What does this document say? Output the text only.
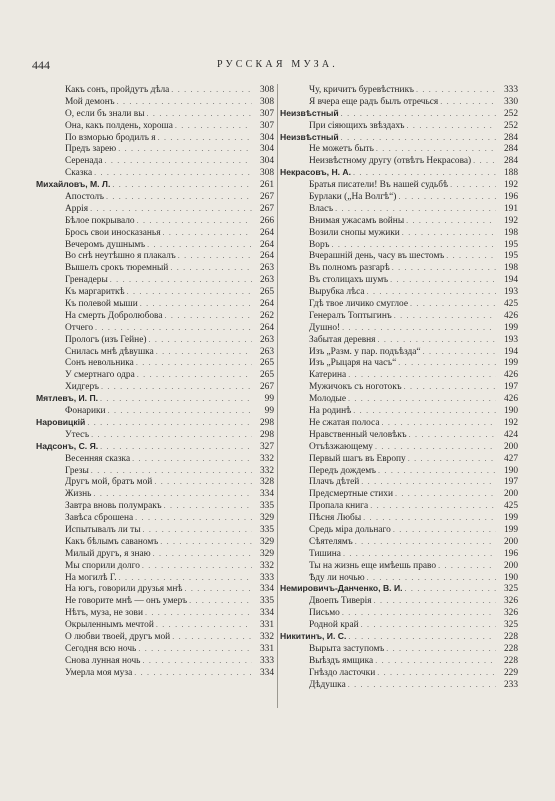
444	РУССКАЯ МУЗА.
Какъ сонъ, пройдутъ дѣла . . .	308
Мой демонъ . . .	308
О, если бъ знали вы . . .	307
Она, какъ полдень, хороша . . .	307
По взморью бродилъ я . . .	304
Предъ зарею . . .	304
Серенада . . .	304
Сказка . . .	308
Михайловъ, М. Л. . . .	261
Апостолъ . . .	267
Аррія . . .	267
Бѣлое покрывало . . .	266
Брось свои иносказанья . . .	264
Вечеромъ душнымъ . . .	264
Во снѣ неутѣшно я плакалъ . . .	264
Вышелъ срокъ тюремный . . .	263
Гренадеры . . .	263
Къ маргариткѣ . . .	265
Къ полевой мыши . . .	264
На смерть Добролюбова . . .	262
Отчего . . .	264
Прологъ (изъ Гейне) . . .	263
Снилась мнѣ дѣвушка . . .	263
Сонъ невольника . . .	265
У смертнаго одра . . .	265
Хидгеръ . . .	267
Мятлевъ, И. П. . . .	99
Фонарики . . .	99
Наровицкій . . .	298
Утесъ . . .	298
Надсонъ, С. Я. . . .	327
Весенняя сказка . . .	332
Грезы . . .	332
Другъ мой, братъ мой . . .	328
Жизнь . . .	334
Завтра вновь полумракъ . . .	335
Завѣса сброшена . . .	329
Испытывалъ ли ты . . .	335
Какъ бѣлымъ саваномъ . . .	329
Милый другъ, я знаю . . .	329
Мы спорили долго . . .	332
На могилѣ Г. . . .	333
На югъ, говорили друзья мнѣ . . .	334
Не говорите мнѣ — онъ умеръ . . .	335
Нѣтъ, муза, не зови . . .	334
Окрыленнымъ мечтой . . .	331
О любви твоей, другъ мой . . .	332
Сегодня всю ночь . . .	331
Снова лунная ночь . . .	333
Умерла моя муза . . .	334
Чу, кричитъ буревѣстникъ . . .	333
Я вчера еще радъ былъ отречься . . .	330
Неизвѣстный . . .	252
При сіяющихъ звѣздахъ . . .	252
Неизвѣстный . . .	284
Не можетъ быть . . .	284
Неизвѣстному другу (отвѣтъ Некрасова) . . .	284
Некрасовъ, Н. А. . . .	188
Братья писатели! Въ нашей судьбѣ . . .	192
Бурлаки („На Волгѣ“) . . .	196
Власъ . . .	191
Внимая ужасамъ войны . . .	192
Возили снопы мужики . . .	198
Воръ . . .	195
Вчерашній день, часу въ шестомъ . . .	195
Въ полномъ разгарѣ . . .	198
Въ столицахъ шумъ . . .	194
Вырубка лѣса . . .	193
Гдѣ твое личико смуглое . . .	425
Генералъ Топтыгинъ . . .	426
Душно! . . .	199
Забытая деревня . . .	193
Изъ „Разм. у пар. подъѣзда“ . . .	194
Изъ „Рыцаря на часъ“ . . .	199
Катерина . . .	426
Мужичокъ съ ноготокъ . . .	197
Молодые . . .	426
На родинѣ . . .	190
Не сжатая полоса . . .	192
Нравственный человѣкъ . . .	424
Отъѣзжающему . . .	200
Первый шагъ въ Европу . . .	427
Передъ дождемъ . . .	190
Плачъ дѣтей . . .	197
Предсмертные стихи . . .	200
Пропала книга . . .	425
Пѣсня Любы . . .	199
Средь міра дольнаго . . .	199
Сѣятелямъ . . .	200
Тишина . . .	196
Ты на жизнь еще имѣешь право . . .	200
Ѣду ли ночью . . .	190
Немировичъ-Данченко, В. И. . . .	325
Двоепъ Тиверія . . .	326
Письмо . . .	326
Родной край . . .	325
Никитинъ, И. С. . . .	228
Вырыта заступомъ . . .	228
Выѣздъ ямщика . . .	228
Гнѣздо ласточки . . .	229
Дѣдушка . . .	233
